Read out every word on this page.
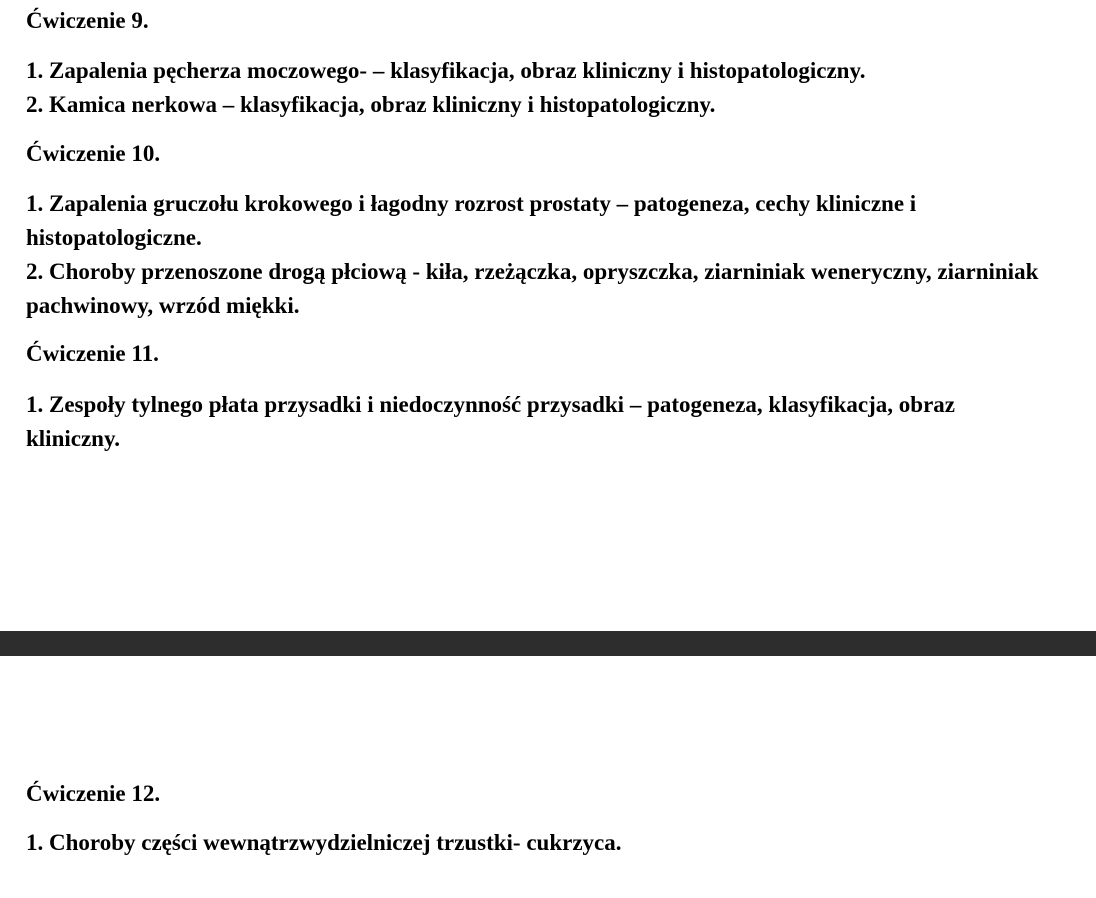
Ćwiczenie 9.

1. Zapalenia pęcherza moczowego- – klasyfikacja, obraz kliniczny i histopatologiczny.

2. Kamica nerkowa – klasyfikacja, obraz kliniczny i histopatologiczny.

Ćwiczenie 10.

1. Zapalenia gruczołu krokowego i łagodny rozrost prostaty – patogeneza, cechy kliniczne i histopatologiczne.

2. Choroby przenoszone drogą płciową - kiła, rzeżączka, opryszczka, ziarniniak weneryczny, ziarniniak pachwinowy, wrzód miękki.

Ćwiczenie 11.

1. Zespoły tylnego płata przysadki i niedoczynność przysadki – patogeneza, klasyfikacja, obraz kliniczny.

Ćwiczenie 12.

1. Choroby części wewnątrzwydzielniczej trzustki- cukrzyca.
